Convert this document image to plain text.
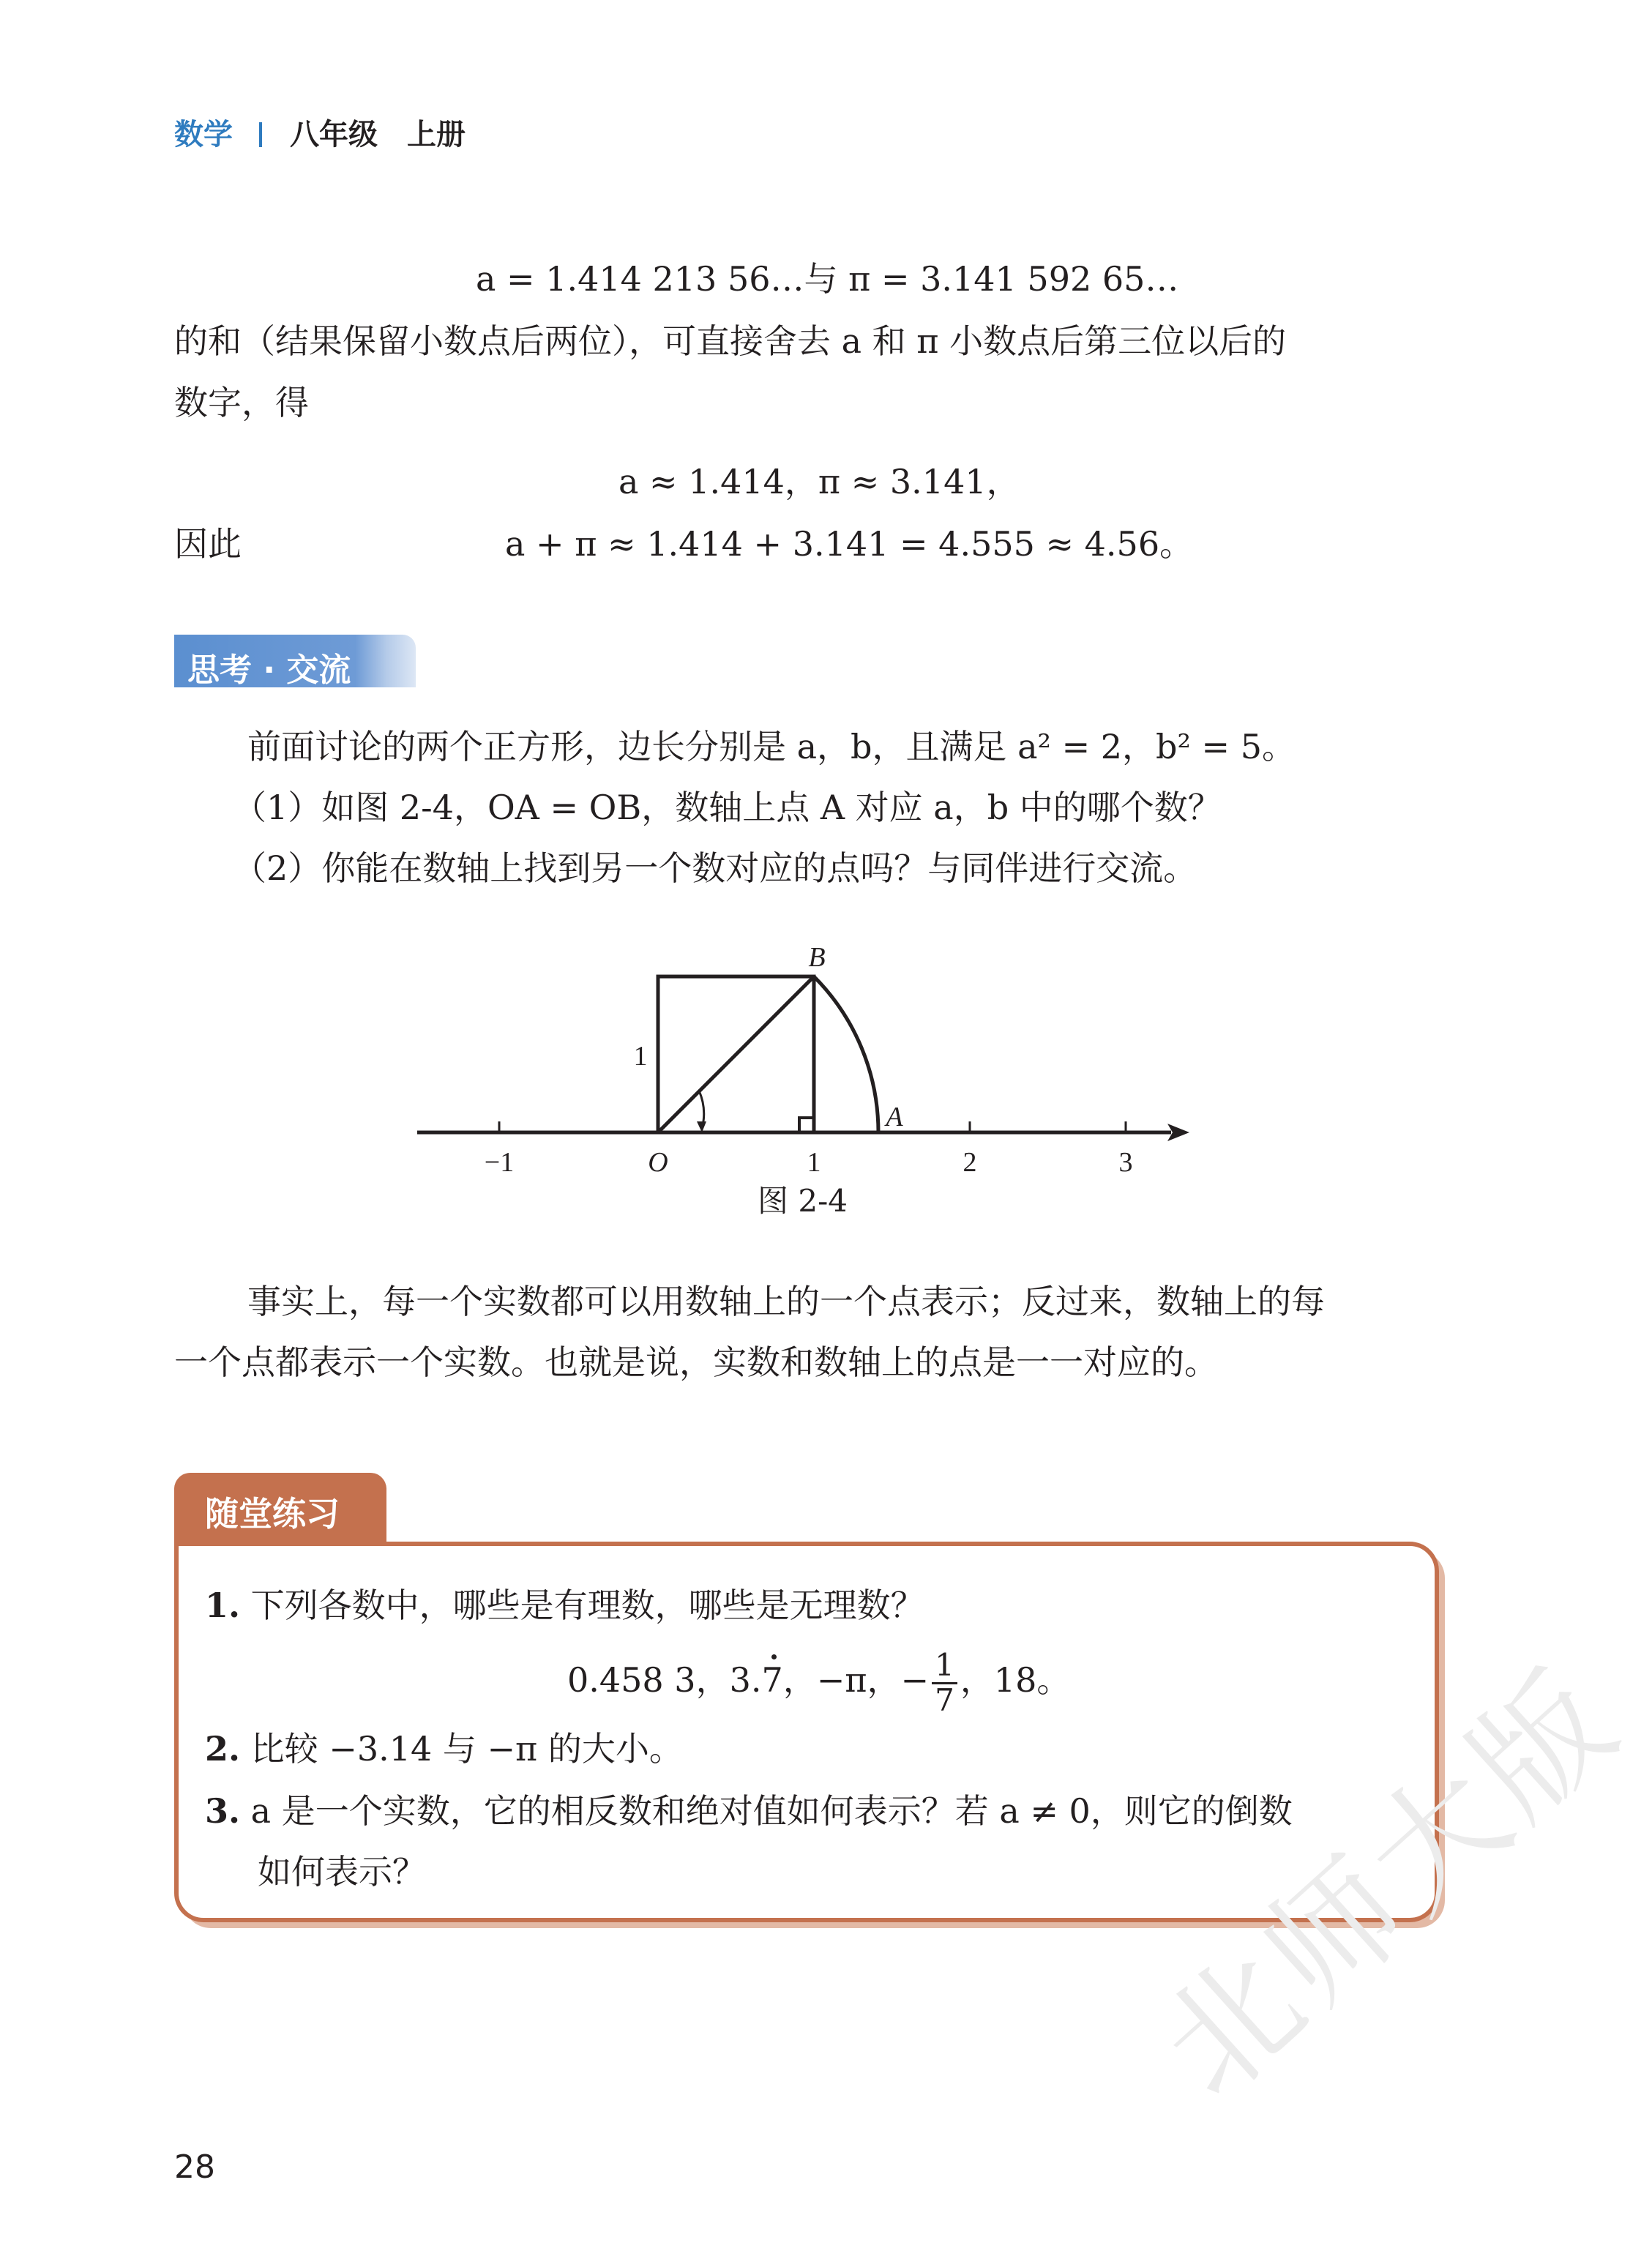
数学 八年级 上册
a = 1.414 213 56…与 π = 3.141 592 65…
的和（结果保留小数点后两位），可直接舍去 a 和 π 小数点后第三位以后的
数字，得
a ≈ 1.414，π ≈ 3.141，
因此	a + π ≈ 1.414 + 3.141 = 4.555 ≈ 4.56。
思考 · 交流
前面讨论的两个正方形，边长分别是 a，b，且满足 a² = 2，b² = 5。
（1）如图 2-4，OA = OB，数轴上点 A 对应 a，b 中的哪个数？
（2）你能在数轴上找到另一个数对应的点吗？与同伴进行交流。
−1	O	1	2	3
1
B
A
图 2-4
事实上，每一个实数都可以用数轴上的一个点表示；反过来，数轴上的每
一个点都表示一个实数。也就是说，实数和数轴上的点是一一对应的。
随堂练习
1. 下列各数中，哪些是有理数，哪些是无理数？
0.458 3，3.7，−π，− $\frac{1}{7}$ ，18。
2. 比较 −3.14 与 −π 的大小。
3. a 是一个实数，它的相反数和绝对值如何表示？若 a ≠ 0，则它的倒数
如何表示？
28
北师大版
